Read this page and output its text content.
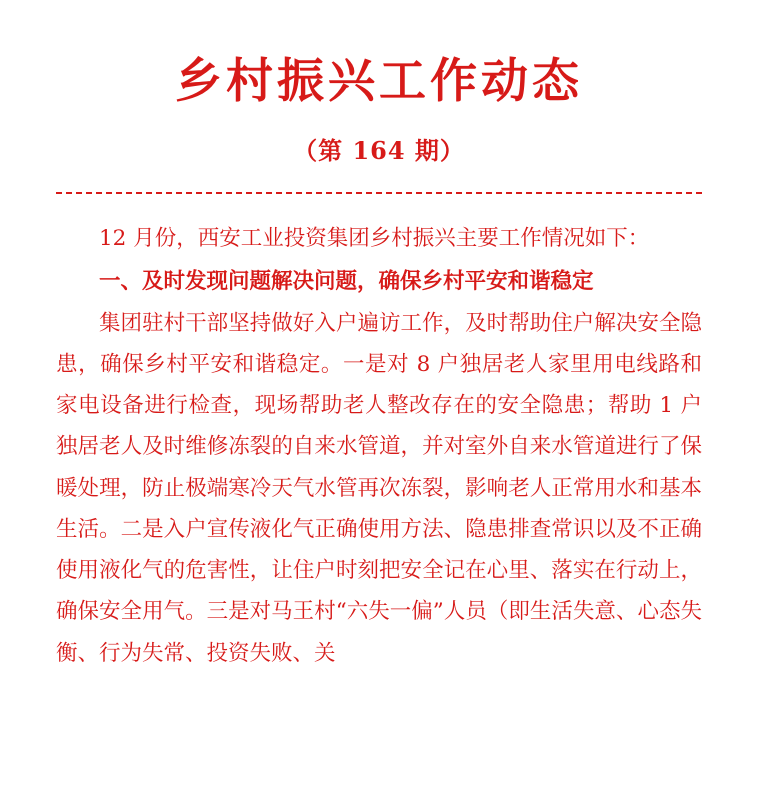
乡村振兴工作动态
（第 164 期）

12 月份，西安工业投资集团乡村振兴主要工作情况如下：

一、及时发现问题解决问题，确保乡村平安和谐稳定

集团驻村干部坚持做好入户遍访工作，及时帮助住户解决安全隐患，确保乡村平安和谐稳定。一是对 8 户独居老人家里用电线路和家电设备进行检查，现场帮助老人整改存在的安全隐患；帮助 1 户独居老人及时维修冻裂的自来水管道，并对室外自来水管道进行了保暖处理，防止极端寒冷天气水管再次冻裂，影响老人正常用水和基本生活。二是入户宣传液化气正确使用方法、隐患排查常识以及不正确使用液化气的危害性，让住户时刻把安全记在心里、落实在行动上，确保安全用气。三是对马王村“六失一偏”人员（即生活失意、心态失衡、行为失常、投资失败、关
